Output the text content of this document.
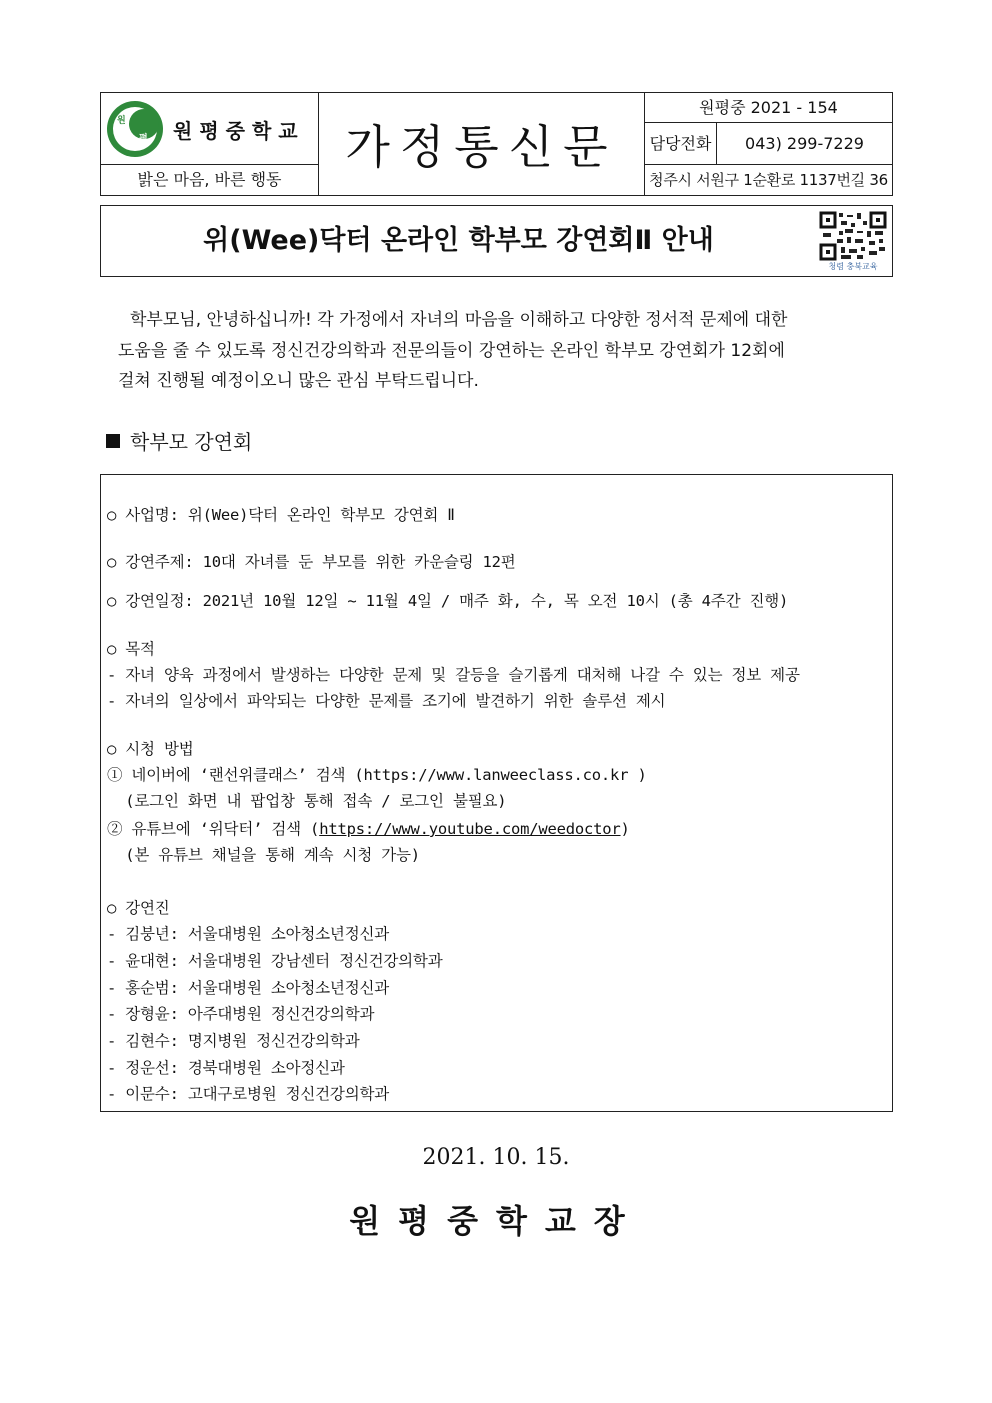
원
평 원평중학교
밝은 마음, 바른 행동
가정통신문
원평중 2021 - 154
담당전화	043) 299-7229
청주시 서원구 1순환로 1137번길 36
위(Wee)닥터 온라인 학부모 강연회Ⅱ 안내
청렴 충북교육

학부모님, 안녕하십니까! 각 가정에서 자녀의 마음을 이해하고 다양한 정서적 문제에 대한

도움을 줄 수 있도록 정신건강의학과 전문의들이 강연하는 온라인 학부모 강연회가 12회에

걸쳐 진행될 예정이오니 많은 관심 부탁드립니다.

학부모 강연회
○ 사업명: 위(Wee)닥터 온라인 학부모 강연회 Ⅱ
○ 강연주제: 10대 자녀를 둔 부모를 위한 카운슬링 12편
○ 강연일정: 2021년 10월 12일 ~ 11월 4일 / 매주 화, 수, 목 오전 10시 (총 4주간 진행)
○ 목적
- 자녀 양육 과정에서 발생하는 다양한 문제 및 갈등을 슬기롭게 대처해 나갈 수 있는 정보 제공
- 자녀의 일상에서 파악되는 다양한 문제를 조기에 발견하기 위한 솔루션 제시
○ 시청 방법
① 네이버에 ‘랜선위클래스’ 검색 (https://www.lanweeclass.co.kr )
(로그인 화면 내 팝업창 통해 접속 / 로그인 불필요)
② 유튜브에 ‘위닥터’ 검색 (https://www.youtube.com/weedoctor)
(본 유튜브 채널을 통해 계속 시청 가능)
○ 강연진
- 김붕년: 서울대병원 소아청소년정신과
- 윤대현: 서울대병원 강남센터 정신건강의학과
- 홍순범: 서울대병원 소아청소년정신과
- 장형윤: 아주대병원 정신건강의학과
- 김현수: 명지병원 정신건강의학과
- 정운선: 경북대병원 소아정신과
- 이문수: 고대구로병원 정신건강의학과
2021. 10. 15.
원평중학교장
